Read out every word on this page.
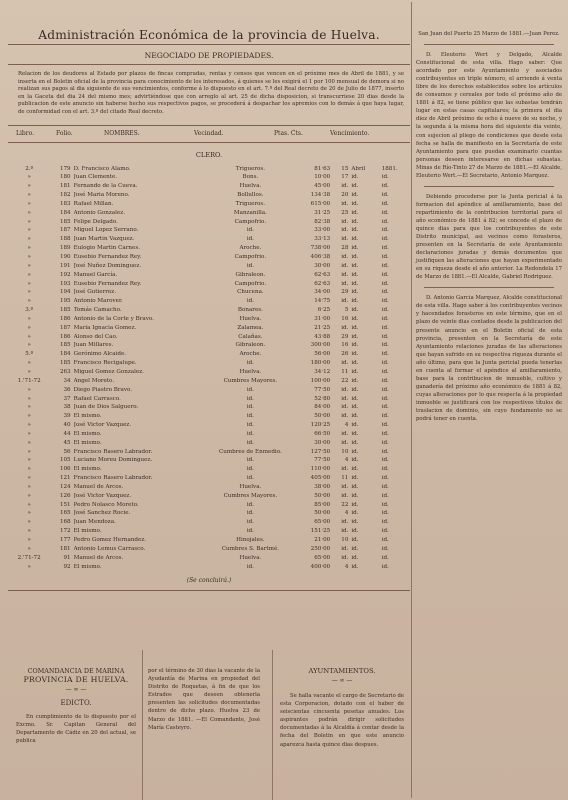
Administración Económica de la provincia de Huelva.
NEGOCIADO DE PROPIEDADES.
Relacion de los deudores al Estado por plazos de fincas compradas, rentas y censos que vencen en el próximo mes de Abril de 1881, y se inserta en el Boletin oficial de la provincia para conocimiento de los interesados, á quienes se les exigirá el 1 por 100 mensual de demora si no realizan sus pagos al dia siguiente de sus vencimientos, conforme á lo dispuesto en el art. 7.º del Real decreto de 20 de Julio de 1877, inserto en la Gaceta del dia 24 del mismo mes; advirtiéndose que con arreglo al art. 25 de dicha disposicion, si transcurriese 20 dias desde la publicacion de este anuncio sin haberse hecho sus respectivos pagos, se procederá á despachar los apremios con lo demás á que haya lugar, de conformidad con el art. 3.º del citado Real decreto.
Libro.	Folio.	NOMBRES.	Vecindad.	Ptas. Cts.	Vencimiento.
CLERO.
2.º	179	D. Francisco Alamo.	Trigueros.	81·63	15	Abril	1881.
»	180	Juan Clemente.	Bons.	10·00	17	id.	id.
»	181	Fernando de la Cueva.	Huelva.	45·00	id.	id.	id.
»	182	José Maria Moreno.	Bollullos.	134·38	20	id.	id.
»	183	Rafael Millan.	Trigueros.	615·00	id.	id.	id.
»	184	Antonio Gonzalez.	Manzanilla.	31·25	25	id.	id.
»	185	Felipe Delgado.	Campofrio.	82·38	id.	id.	id.
»	187	Miguel Lopez Serrano.	id.	33·00	id.	id.	id.
»	188	Juan Martin Vazquez.	id.	33·13	id.	id.	id.
»	189	Eulogio Martin Carnes.	Aroche.	738·00	28	id.	id.
»	190	Eusebio Fernandez Rey.	Campofrio.	406·38	id.	id.	id.
»	191	José Nuñez Dominguez.	id.	30·00	id.	id.	id.
»	192	Manuel García.	Gibraleon.	62·63	id.	id.	id.
»	193	Eusebio Fernandez Rey.	Campofrio.	62·63	id.	id.	id.
»	194	José Gutierrez.	Chucena.	34·00	29	id.	id.
»	195	Antonio Marover.	id.	14·75	id.	id.	id.
3.º	185	Tomás Camacho.	Bonares.	6·25	5	id.	id.
»	186	Antonio de la Corte y Bravo.	Huelva.	31·00	16	id.	id.
»	187	Maria Ignacia Gomez.	Zalamea.	21·25	id.	id.	id.
»	186	Alonso del Cao.	Calañas.	43·88	29	id.	id.
»	185	Juan Millares.	Gibraleon.	300·00	16	id.	id.
5.º	184	Gerónimo Alcaide.	Aroche.	56·00	26	id.	id.
»	185	Francisco Recigalupe.	id.	180·00	id.	id.	id.
»	263	Miguel Gomez Gonzalez.	Huelva.	34·12	11	id.	id.
1.'71-72	34	Angel Moreto.	Cumbres Mayores.	100·00	22	id.	id.
»	36	Diego Piastro Bravo.	id.	77·50	id.	id.	id.
»	37	Rafael Carrasco.	id.	52·80	id.	id.	id.
»	38	Juan de Dios Salguero.	id.	84·00	id.	id.	id.
»	39	El mismo.	id.	50·00	id.	id.	id.
»	40	José Victor Vazquez.	id.	120·25	4	id.	id.
»	44	El mismo.	id.	66·50	id.	id.	id.
»	45	El mismo.	id.	30·00	id.	id.	id.
»	56	Francisco Rasero Labrador.	Cumbres de Enmedio.	127·50	10	id.	id.
»	105	Luciano Moreu Dominguez.	id.	77·50	4	id.	id.
»	106	El mismo.	id.	110·00	id.	id.	id.
»	121	Francisco Rasero Labrador.	id.	405·00	11	id.	id.
»	124	Manuel de Arcos.	Huelva.	38·00	id.	id.	id.
»	126	José Victor Vazquez.	Cumbres Mayores.	50·00	id.	id.	id.
»	151	Pedro Nolasco Moreto.	id.	85·00	22	id.	id.
»	165	José Sanchez Rocie.	id.	50·00	4	id.	id.
»	168	Juan Mendoza.	id.	65·00	id.	id.	id.
»	172	El mismo.	id.	151·25	id.	id.	id.
»	177	Pedro Gomez Hernandez.	Hinojales.	21·00	10	id.	id.
»	181	Antonio Lemus Carrasco.	Cumbres S. Bartmé.	250·00	id.	id.	id.
2.'71-72	91	Manuel de Arcos.	Huelva.	65·00	id.	id.	id.
»	92	El mismo.	id.	400·00	4	id.	id.
(Se concluirá.)
COMANDANCIA DE MARINA
PROVINCIA DE HUELVA.
— ∞ —
EDICTO.
En cumplimiento de lo dispuesto por el Excmo. Sr. Capitan General del Departamento de Cádiz en 20 del actual, se publica
por el término de 30 dias la vacante de la Ayudantía de Marina en propiedad del Distrito de Roquetas, á fin de que los Estrados que deseen obtenerla presenten las solicitudes documentadas dentro de dicho plazo. Huelva 23 de Marzo de 1881. —El Comandante, José María Casteyro.
AYUNTAMIENTOS.
— ∞ —
Se halla vacante el cargo de Secretario de esta Corporacion, dotado con el haber de seiscientas cincuenta pesetas anuales. Los aspirantes podrán dirigir solicitudes documentadas á la Alcaldía á contar desde la fecha del Boletin en que este anuncio aparezca hasta quince dias despues.
San Juan del Puerto 25 Marzo de 1881.—Juan Perez.
D. Eleuterio Wert y Delgado, Alcalde Constitucional de esta villa. Hago saber: Que acordado por este Ayuntamiento y asociados contribuyentes en triple número, el arriendo á venta libre de los derechos establecidos sobre los artículos de consumos y cereales por todo el próximo año de 1881 á 82, se tiene público que las subastas tendrán lugar en estas casas capitulares; la primera el dia diez de Abril próximo de ocho á nueve de su noche, y la segunda á la misma hora del siguiente dia veinte, con sujecion al pliego de condiciones que desde esta fecha se halla de manifiesto en la Secretaría de este Ayuntamiento para que puedan examinarlo cuantas personas deseen interesarse en dichas subastas. Minas de Río-Tinto 27 de Marzo de 1881.—El Alcalde, Eleuterio Wert.—El Secretario, Antonio Marquez.
Debiendo procederse por la Junta pericial á la formacion del apéndice al amillaramiento, base del repartimiento de la contribucion territorial para el año económico de 1881 á 82; se concede el plazo de quince dias para que los contribuyentes de este Distrito municipal, asi vecinos como forasteros, presenten en la Secretaría de este Ayuntamiento declaraciones juradas y demás documentos que justifiquen las alteraciones que hayan experimentado en su riqueza desde el año anterior. La Redondela 17 de Marzo de 1881.—El Alcalde, Gabriel Rodriguez.
D. Antonio Garcia Marquez, Alcalde constitucional de esta villa. Hago saber á los contribuyentes vecinos y hacendados forasteros en este término, que en el plazo de veinte dias contados desde la publicacion del presente anuncio en el Boletin oficial de esta provincia, presenten en la Secretaría de este Ayuntamiento relaciones juradas de las alteraciones que hayan sufrido en su respectiva riqueza durante el año último, para que la Junta pericial pueda tenerlas en cuenta al formar el apéndice al amillaramiento, base para la contribucion de inmueble, cultivo y ganadería del próximo año económico de 1881 á 82, cuyas alteraciones por lo que respecta á la propiedad inmueble se justificará con los respectivos títulos de traslacion de dominio, sin cuyo fundamento no se podrá tener en cuenta.
